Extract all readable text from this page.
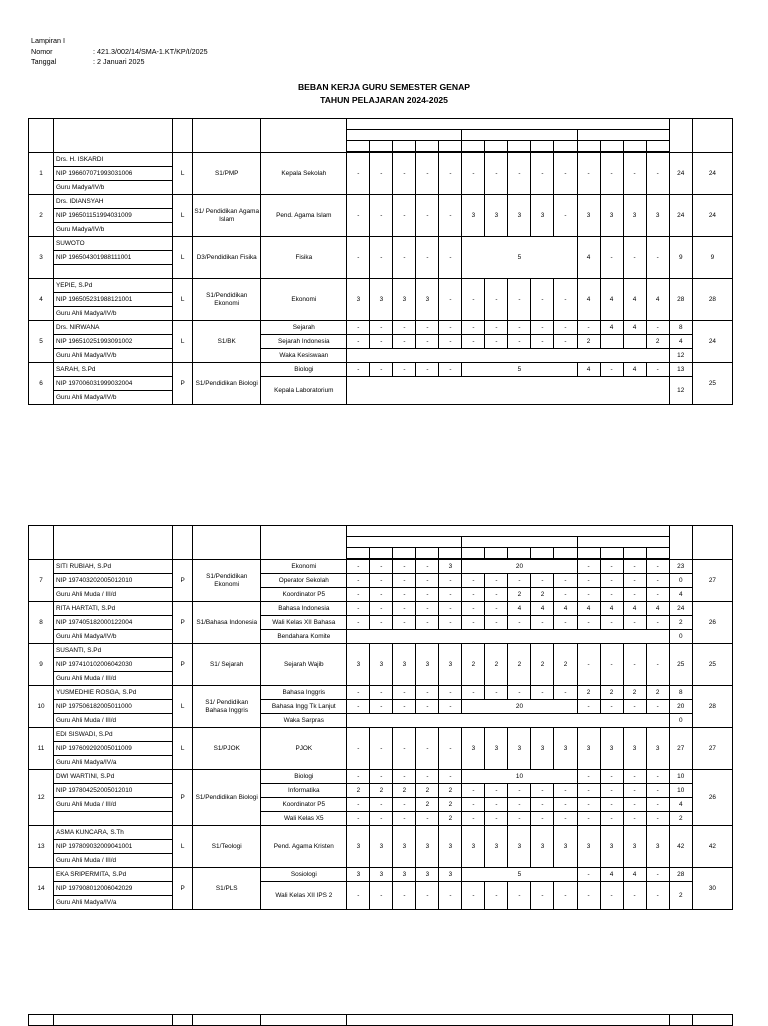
Lampiran I
Nomor	: 421.3/002/14/SMA-1.KT/KP/I/2025
Tanggal	: 2 Januari 2025
BEBAN KERJA GURU SEMESTER GENAP
TAHUN PELAJARAN 2024-2025

1	Drs. H. ISKARDI	L	S1/PMP	Kepala Sekolah	-	-	-	-	-	-	-	-	-	-	-	-	-	-	24	24
	NIP 196607071993031006																			
	Guru Madya/IV/b																			
2	Drs. IDIANSYAH	L	S1/ Pendidikan Agama Islam	Pend. Agama Islam	-	-	-	-	-	3	3	3	3	-	3	3	3	3	24	24
	NIP 196501151994031009																			
	Guru Madya/IV/b																			
3	SUWOTO	L	D3/Pendidikan Fisika	Fisika	-	-	-	-	-	5					4	-	-	-	9	9
	NIP 196504301988111001																			

4	YEPIE, S.Pd	L	S1/Pendidikan Ekonomi	Ekonomi	3	3	3	3	-	-	-	-	-	-	4	4	4	4	28	28
	NIP 196505231988121001																			
	Guru Ahli Madya/IV/b																			
5	Drs. NIRWANA	L	S1/BK	Sejarah	-	-	-	-	-	-	-	-	-	-	-	4	4	-	8	24
	NIP 196510251993091002			Sejarah Indonesia	-	-	-	-	-	-	-	-	-	-	2			2	4	
	Guru Ahli Madya/IV/b			Waka Kesiswaan															12	
6	SARAH, S.Pd	P	S1/Pendidikan Biologi	Biologi	-	-	-	-	-	5					4	-	4	-	13	25
	NIP 197006031999032004			Kepala Laboratorium															12	
	Guru Ahli Madya/IV/b																			

7	SITI RUBIAH, S.Pd	P	S1/Pendidikan Ekonomi	Ekonomi	-	-	-	-	3	20					-	-	-	-	23	27
	NIP 197403202005012010			Operator Sekolah	-	-	-	-	-	-	-	-	-	-	-	-	-	-	0	
	Guru Ahli Muda / III/d			Koordinator P5	-	-	-	-	-	-	-	2	2	-	-	-	-	-	4	
8	RITA HARTATI, S.Pd	P	S1/Bahasa Indonesia	Bahasa Indonesia	-	-	-	-	-	-	-	4	4	4	4	4	4	4	24	26
	NIP 197405182000122004			Wali Kelas XII Bahasa	-	-	-	-	-	-	-	-	-	-	-	-	-	-	2	
	Guru Ahli Madya/IV/b			Bendahara Komite															0	
9	SUSANTI, S.Pd	P	S1/ Sejarah	Sejarah Wajib	3	3	3	3	3	2	2	2	2	2	-	-	-	-	25	25
	NIP 197410102006042030																			
	Guru Ahli Muda / III/d																			
10	YUSMEDHIE ROSGA, S.Pd	L	S1/ Pendidikan Bahasa Inggris	Bahasa Inggris	-	-	-	-	-	-	-	-	-	-	2	2	2	2	8	28
	NIP 197506182005011000			Bahasa Ingg Tk Lanjut	-	-	-	-	-	20					-	-	-	-	20	
	Guru Ahli Muda / III/d			Waka Sarpras															0	
11	EDI SISWADI, S.Pd	L	S1/PJOK	PJOK	-	-	-	-	-	3	3	3	3	3	3	3	3	3	27	27
	NIP 197609292005011009																			
	Guru Ahli Madya/IV/a																			
12	DWI WARTINI, S.Pd	P	S1/Pendidikan Biologi	Biologi	-	-	-	-	-	10					-	-	-	-	10	26
	NIP 197804252005012010			Informatika	2	2	2	2	2	-	-	-	-	-	-	-	-	-	10	
	Guru Ahli Muda / III/d			Koordinator P5	-	-	-	2	2	-	-	-	-	-	-	-	-	-	4	
				Wali Kelas X5	-	-	-	-	2	-	-	-	-	-	-	-	-	-	2	
13	ASMA KUNCARA, S.Th	L	S1/Teologi	Pend. Agama Kristen	3	3	3	3	3	3	3	3	3	3	3	3	3	3	42	42
	NIP 197809032009041001																			
	Guru Ahli Muda / III/d																			
14	EKA SRIPERMITA, S.Pd	P	S1/PLS	Sosiologi	3	3	3	3	3	5					-	4	4	-	28	30
	NIP 197908012006042029			Wali Kelas XII IPS 2	-	-	-	-	-	-	-	-	-	-	-	-	-	-	2	
	Guru Ahli Madya/IV/a																			
